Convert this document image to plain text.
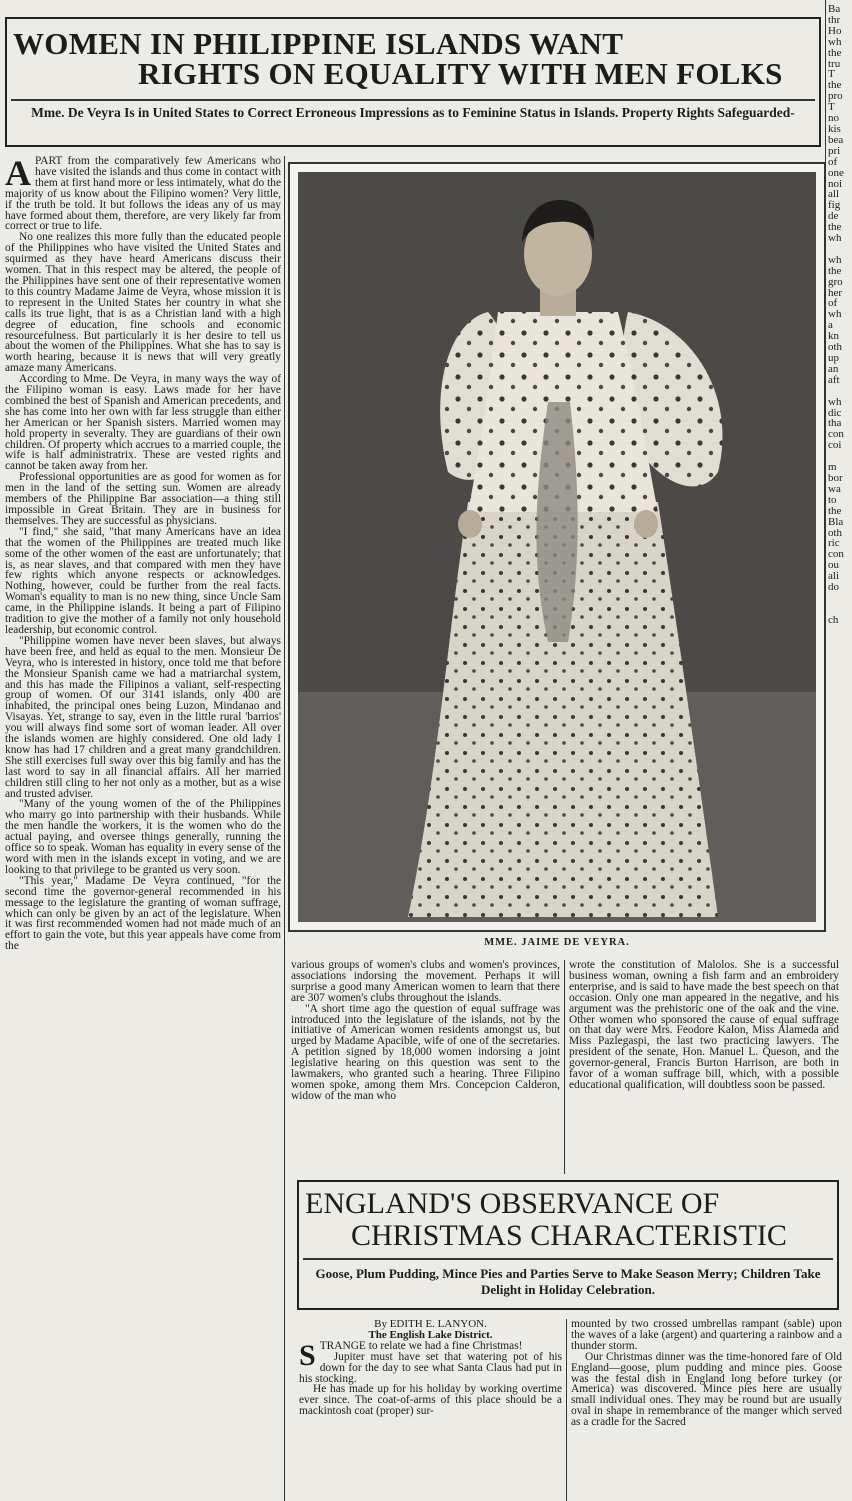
WOMEN IN PHILIPPINE ISLANDS WANT
RIGHTS ON EQUALITY WITH MEN FOLKS
Mme. De Veyra Is in United States to Correct Erroneous Impressions as to Feminine Status in Islands. Property Rights Safeguarded-
A PART from the comparatively few Americans who have visited the islands and thus come in contact with them at first hand more or less intimately, what do the majority of us know about the Filipino women? Very little, if the truth be told. It but follows the ideas any of us may have formed about them, therefore, are very likely far from correct or true to life.

No one realizes this more fully than the educated people of the Philippines who have visited the United States and squirmed as they have heard Americans discuss their women. That in this respect may be altered, the people of the Philippines have sent one of their representative women to this country Madame Jaime de Veyra, whose mission it is to represent in the United States her country in what she calls its true light, that is as a Christian land with a high degree of education, fine schools and economic resourcefulness. But particularly it is her desire to tell us about the women of the Philippines. What she has to say is worth hearing, because it is news that will very greatly amaze many Americans.

According to Mme. De Veyra, in many ways the way of the Filipino woman is easy. Laws made for her have combined the best of Spanish and American precedents, and she has come into her own with far less struggle than either her American or her Spanish sisters. Married women may hold property in severalty. They are guardians of their own children. Of property which accrues to a married couple, the wife is half administratrix. These are vested rights and cannot be taken away from her.

Professional opportunities are as good for women as for men in the land of the setting sun. Women are already members of the Philippine Bar association—a thing still impossible in Great Britain. They are in business for themselves. They are successful as physicians.

"I find," she said, "that many Americans have an idea that the women of the Philippines are treated much like some of the other women of the east are unfortunately; that is, as near slaves, and that compared with men they have few rights which anyone respects or acknowledges. Nothing, however, could be further from the real facts. Woman's equality to man is no new thing, since Uncle Sam came, in the Philippine islands. It being a part of Filipino tradition to give the mother of a family not only household leadership, but economic control.

"Philippine women have never been slaves, but always have been free, and held as equal to the men. Monsieur De Veyra, who is interested in history, once told me that before the Monsieur Spanish came we had a matriarchal system, and this has made the Filipinos a valiant, self-respecting group of women. Of our 3141 islands, only 400 are inhabited, the principal ones being Luzon, Mindanao and Visayas. Yet, strange to say, even in the little rural 'barrios' you will always find some sort of woman leader. All over the islands women are highly considered. One old lady I know has had 17 children and a great many grandchildren. She still exercises full sway over this big family and has the last word to say in all financial affairs. All her married children still cling to her not only as a mother, but as a wise and trusted adviser.

"Many of the young women of the of the Philippines who marry go into partnership with their husbands. While the men handle the workers, it is the women who do the actual paying, and oversee things generally, running the office so to speak. Woman has equality in every sense of the word with men in the islands except in voting, and we are looking to that privilege to be granted us very soon.

"This year," Madame De Veyra continued, "for the second time the governor-general recommended in his message to the legislature the granting of woman suffrage, which can only be given by an act of the legislature. When it was first recommended women had not made much of an effort to gain the vote, but this year appeals have come from the	MME. JAIME DE VEYRA.

various groups of women's clubs and women's provinces, associations indorsing the movement. Perhaps it will surprise a good many American women to learn that there are 307 women's clubs throughout the islands.

"A short time ago the question of equal suffrage was introduced into the legislature of the islands, not by the initiative of American women residents amongst us, but urged by Madame Apacible, wife of one of the secretaries. A petition signed by 18,000 women indorsing a joint legislative hearing on this question was sent to the lawmakers, who granted such a hearing. Three Filipino women spoke, among them Mrs. Concepcion Calderon, widow of the man who

wrote the constitution of Malolos. She is a successful business woman, owning a fish farm and an embroidery enterprise, and is said to have made the best speech on that occasion. Only one man appeared in the negative, and his argument was the prehistoric one of the oak and the vine. Other women who sponsored the cause of equal suffrage on that day were Mrs. Feodore Kalon, Miss Alameda and Miss Pazlegaspi, the last two practicing lawyers. The president of the senate, Hon. Manuel L. Queson, and the governor-general, Francis Burton Harrison, are both in favor of a woman suffrage bill, which, with a possible educational qualification, will doubtless soon be passed.

ENGLAND'S OBSERVANCE OF
CHRISTMAS CHARACTERISTIC
Goose, Plum Pudding, Mince Pies and Parties Serve to Make Season Merry; Children Take Delight in Holiday Celebration.
By EDITH E. LANYON.
The English Lake District.
S TRANGE to relate we had a fine Christmas!

Jupiter must have set that watering pot of his down for the day to see what Santa Claus had put in his stocking.

He has made up for his holiday by working overtime ever since. The coat-of-arms of this place should be a mackintosh coat (proper) sur-

mounted by two crossed umbrellas rampant (sable) upon the waves of a lake (argent) and quartering a rainbow and a thunder storm.

Our Christmas dinner was the time-honored fare of Old England—goose, plum pudding and mince pies. Goose was the festal dish in England long before turkey (or America) was discovered. Mince pies here are usually small individual ones. They may be round but are usually oval in shape in remembrance of the manger which served as a cradle for the Sacred

Ba
thr
Ho
wh
the
tru
T
the
pro
T
no
kis
bea
pri
of
one
noi
all
fig
de
the
wh

wh
the
gro
her
of
wh
a
kn
oth
up
an
aft

wh
dic
tha
con
coi

m
bor
wa
to
the
Bla
oth
ric
con
ou
ali
do

ch
